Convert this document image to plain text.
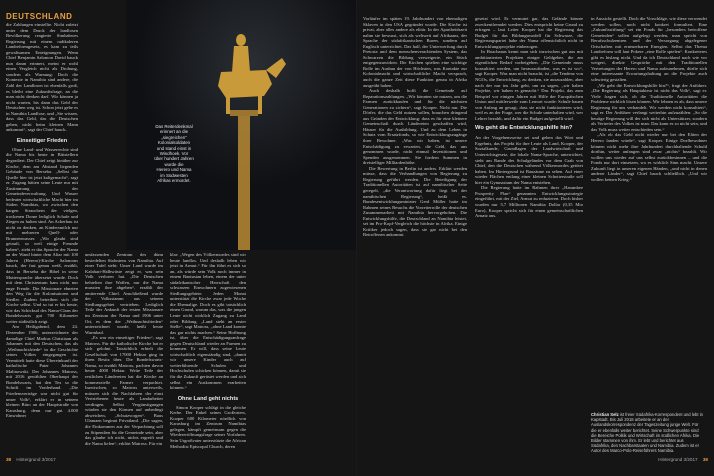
DEUTSCHLAND
Das Reiterdenkmal
erinnert an die
„siegreichen“
Kolonialsoldaten
und stand einst in
Windhoek. Vor
über hundert Jahren
wurde die
Herero und Nama
im Südwesten
Afrikas ermordet.

die Zahlungen einstellte. Nicht zuletzt unter dem Druck der landlosen Bevölkerung reagierte Simbabwes Regierung mit einem radikaleren Landreformgesetz, es kam zu teils gewaltsamen Enteignungen. Wenn Chief Benjamin Salomon David bauck nun daran erinnert, meint er wohl einen Vergleich nicht als Drohung, sondern als Warnung: Doch die Kontexte in Namibia sind andere, die Zahl der Landlosen ist ebenfalls groß, es bleibt eine Zukunftsfrage, an die man nicht denken darf. Wir können ja nicht warten, bis dann das Geld der Deutschen weg ist. Schon jetzt gebe es in Namibia Landlose, und „Sie wissen, dass das Geld, das die Deutschen geben, nicht beim kleinen Mann ankommt“, sagt der Chief bauck.

Einseitiger Frieden

Ohne Land- und Wasserrechte sind die Nama bis heute in Bittstellern degradiert. Der Chief zeigt hinüber zur Kirche, dem am Abstand liegenden Gebäude von Berseba. „Selbst die Quelle hier ist jetzt kaltgemacht“, sagt er. Zugang hätten seine Leute nur mit Zustimmung der Gemeindeverwaltung. Und Wasser bedeutet wirtschaftliche Macht hier im Süden Namibias, wo zwischen den kargen Strauchern der vielgen, trockenen Dorne lediglich Schafe und Ziegen zu halten sind. An Ackerbau ist nicht zu denken, an Kindersmilch nur mit mehreren Quell- oder Brunnenwasser. „Wir glaubt sind getauft, so weil einige Freunde haben“, zieht er das Spruche der Nama an der Wand hinter dem Altar mit 100 Jahren (Herero)-Kirche Salomons bauck, der fast genau weiß, erzählt, dass in Berseba die Bibel in seine Muttersprache übersetzt wurde. Doch mit dem Christentum kam nicht nur enge Freude. Die Missionare ebneten den Weg für die Kolonisatoren und Siedler. Zudem betreiben sich die Kirche selbst. Und so tut er bis heute, wie das Schicksal des Nama-Clans der Bondelswarts gut 700 Kilometer weiter südöstlich zeigt.

Am Heiligabend, dem 24. Dezember 1906, unterzeichnete der damalige Chief Markus Christiaan als Johannes mit den Deutschen, das als „Weihnachtsfriede“ in die Geschichte seines Volkes eingegangen ist. Vermittelt hatte diese Übereinkunft der katholische Pater Johannes Malinowski. Der Johannes Matross, mit 2016 gewählten Oberhaupt der Bondelswarts, hat den Tex so die Schrift im Vorderhand. „Die Friedensverträge war nicht gut für unser Volk“, erklärt er in seinem kleinen Büro an der Hauptstraße von Karasburg, denn nur gut 4.000 Einwohner

umfassenden Zentrum des dünn besiedelten Südostens von Namibia. Auf einer Tafel steht: Unser Land wurde im Kalahari-Halbwüste zeigt er, was sein Volk verloren hat. „Die Deutschen behielten ihre Waffen, nur die Nama mussten ihre abgeben“, erzählt der amtierende Chief. Anschließend wurde der Volksstamm aus seinem Siedlungsgebiet vertrieben. Lediglich Teile der Ankunft der ersten Missionare im Zentrum der Nama und 1906 unter Ort, es dem der „Weihnachtsfrieden“ unterzeichnet wurde, heißt heute Warmbad.

„Es war ein einseitiger Frieden“, sagt Matross. Für die katholische Kirche hat er sich gelohnt. Tatsächlich erhielt die Gesellschaft von 17000 Hektar ging in ihren Besitz über. Die Bondelswarts-Nama, so erzählt Matross, pachten davon heute 4000 Hektar. Weite Teile der restlichen Ländereien hat die Kirche an kommerzielle Farmer verpachtet. Inzwischen, so Matross unterweils, müssen sich die Nachfahren der einst Vertriebenen heute als Landarbeiter verdingen. Selbst Vergünstigungen würden sie den Kirmen auf unbedingt abweichen, „Schutzvorgen“. Baus Ulamaen beginnt Privatland. „Die sagen, die Einkommen aus der Verpachtung soll zu Stipendien für die Gemeinde sein, aber das glaube ich nicht, nichts ergreift und die Nama liefen“, erklärt Matross. Für ein

klar: „Wegen des Völkermordes sind wir heute landlos. Und deshalb leben wir jetzt in Armut.“ Für ihn führt es sich so an, als würde sein Volk noch immer in einem Bantustan leben, einem der unter südafrikanischer Herrschaft den schwarzen Einwohnern zugewiesenen Siedlungsgebiete. Jeden Monat unterstützt die Kirche zwar jede Woche die Ehemalige. Doch es gibt tatsächlich einen Grund, warum das, was die jungen Leute nicht wirklich Zugang zu Land oder Bildung. „Land steht an erster Stelle“, sagt Matross, „ohne Land konnte das gar nichts machen.“ Seine Hoffnung ist, über die Entschädigungsanfrage gegen Deutschland wieder an Farmen zu kommen. Er will, dass seine Leute wirtschaftlich eigenständig sind, „damit wir unsere Kinder auch auf weiterführende Schulen und Hochschulen schicken können, damit sie für die Zukunft gerüstet werden und sich selbst ein Auskommen erarbeiten können.“

Ohne Land geht nichts

Simon Kooper schlägt in die gleiche Kerbe. Der Enkel seines Großvaters, Kooper 600 Kilometer nördlich von Karasburg im Zentrum Namibias gelegen, kämpft gemeinsam gegen die Wiedereröffnungsfrage seiner Vorfahren. Sein Urgroßvater unterstützte die African Methodist Episcopal Church, deren

38 Hintergrund 3/2017

Vorläufer im späten 19. Jahrhundert von ehemaligen Sklaven in den USA gegründet wurde. Die Kirche ist privat, aber alles andere als elitär. In der Apartheidszeit nahm sie bewusst, sich als weltweit auf Afrikaans, der Sprache der südafrikanischen Buren, sondern auf Englisch unterrichtet. Das half, der Unterwerfung durch Pretoria und dem menschenverachtenden System, das Schwarzen die Bildung verweigerte, ein Stück entgegenzuwirken. Die Kirchen spielten eine wichtige Rolle im Ausbau der von Höchsten, was Kontakte zur Kolonialmacht und wirtschaftliche Macht versprach, auch die ganze Zeit diese Funktion genau in Afrika ausgeübt haben.

Auch deshalb hofft die Gemeinde auf Reparationszahlungen. „Wir könnten sie nutzen, um die Farmen zurückkaufen und für die nächsten Generationen zu sichern“, sagt Kooper. Nicht nur. Die Dörfer, die das Geld nutzen sollen, brauchen dringend aus Gründen der Entwicklung: dass es für eine kleinere Gemeinschaft durch Ländereien geschaffen wird, Häuser für die Ausbildung. Und zu dem Leben in Schutz vom Ersatzfonds, so wie Entwicklungszugänge ihrer Bewohner. „Was wir haben, ist unsere Entschädigung zu erwarten, die Geld, das uns genommen wurde, nicht einmal Investitionen und Spenden ausgenommen. Sie fordern Summen in dreistelliger Milliardenhöhe.

Die Bewertung in Berlin ist anders. Erklärt werden müsse, dass die Verhandlungen von Regierung zu Regierung geführt werden. Die Beteiligung der Traditionellen Autoritäten ist auf namibischer Seite geregelt, „die Verantwortung dafür liegt bei der namibischen Regierung“, heißt es. Bundesentwicklungsminister Gerd Müller hatte im Rahmen seines Besuchs die Vorreiterrolle der deutschen Zusammenarbeit mit Namibia hervorgehoben. Die Entwicklungshilfe, die Deutschland an Namibia leistet, sei im Pro-Kopf-Vergleich die höchste in Afrika. Einige Kritiker jedoch sagen, dass sie gar nicht bei den Betroffenen ankommt.

gesetzt wird. Er vermutet gar, das Gelände könnte zweckentfremdet werden. Dies entspricht keine Grund zu erfragen – laut Leiter Kooper hat die Regierung das Budget für das Bildungsmodell für Schwarze, die Regierungspartei habe der Nama offensichtlich nicht in Entwicklungsprojekte einbezogen.

In Hoachanas kennt man sich inzwischen gut aus mit ambitionierten Projekten einiger Geldgeber, die am eigentlichen Bedarf vorbeigehen. „Die Gemeinde muss konsultiert werden, um herauszufinden, was es ist wo“, sagt Kooper. Was man nicht braucht, ist „die Tendenz von NGOs, die Entwicklung, zu denken, sie auszuzahlen, aber nach der nur ins Jahr geht, um zu sagen, „wir haben Projekte, wir haben es gemacht.“ Das Projekt, das zum Beispiel vor einigen Jahren mit Hilfe der Europäischen Union und mittlerweile zum Lernort wurde: Schule bauen von Anfang an gesagt, dass sie nicht funktionieren wird, weil es an der Frage, wer die Schule unterhalten wird, wer Lehrer bezahlt, und dafür ein Budget aufgestellt wird.

Wo geht die Entwicklungshilfe hin?

An der Vorgehensweise sei und gehen das Wort und Ergebnis, das Projekt für ihre Leute als Land, Kooper, der Sozialkunde, Grundlagen der Landwirtschaft und Unterrichtsgesetz, die lokale Nama-Sprache, unterrichtet, sieht am Rande des Schulgeländes vor dem Grab von Chief, den die Deutschen während Völkermordes getötet haben. Im Hintergrund ist Bauzäune zu sehen. Auf einer wieder Flächen entlang einer kleinen Schotterstraße soll hier ein Gymnasium der Nama entstehen.

Die Regierung hatte im Rahmen ihrer „Harambee Prosperity Plan“ genannten Entwicklungsstrategie eingeführt, mit der Ziel, Armut zu reduzieren. Doch bisher wurden nur 5,7 Millionen Namibia Dollar (0,35 Mio Euro), Kooper spricht sich für einen gemeinschaftlichen Ansatz aus.

in Aussicht gestellt. Doch die Vorschläge, wie diese verwendet werden sollen, noch nicht konkret formuliert. Eine „Zukunftsstiftung“ sei ein Fonds für „besonders betroffene Gemeinden“ sollen aufgelegt werden, man spricht von Berufsschulzentren und der Versorgung abgelegener Ortschaften mit erneuerbaren Energien. Selbst das Thema Landreform will laut Pokere „eine Rolle spielen“. Konkreteres gibt es bislang nicht. Und da ich Deutschland nach wie vor weigert, direkte Gespräche mit den Traditionellen Vertretungen der Herero und Nama aufzunehmen, dürfte sich eine interessante Erwartungshaltung an die Projekte auch schwierig gestalten.

„Wo geht die Entwicklungshilfe hin?“, fragt der Anführer. „Die Regierung als Hauptakteur ist nicht das Volk“, sagt er. Viele fragen sich, ob die Traditionelle Autoritäten die Probleme wirklich lösen können. Wir lehnen es ab, dass unsere Regierung für uns verhandelt. Wir werden nicht konsultiert“, sagt er. Der Anführer verlangt weiterhin aufzuzählen: „So die heutige Regierung will der sich nicht als Unterstützer, sondern als Vertreter des Volkes ist man. Das kann es so nicht sein, und das Volk muss weiter entschieden sein.“

„Als ob das Geld nicht wieder nur bei den Eliten der Herero landen würde“, sagt Kooper. Einige Dorfbewohner können nicht mehr ihre Jahrhundert durchhaltende Schuld dorthin, weiter anfangen sind zwar „nichts“ bezahlt. Wir wollen uns wieder auf uns selbst zurückbesinnen – und die Fonds nur dort einsetzen, wo es wirklich Sinn macht. Unsere Zukunft liegt in unseren eigenen Händen, „und nicht in denen anderer Länder“, sagt Chief bauck schließlich. „Und wir wollen keinen Krieg.“

Christian Selz ist freier Südafrika-Korrespondent und lebt in Kapstadt. Bis Juli 2018 arbeitete er an der Auslandskorrespondenz der Tageszeitung junge Welt. Für die er ebenfalls weiter berichtet. Seine Schwerpunkte sind die Bereiche Politik und Wirtschaft im südlichen Afrika. Die Bilder stammen von ihm. Er lebt und berichtet aus Südafrika, den Nachbarstaaten und Namibia. Zudem ist er Autor des Marco-Polo-Reiseführers Namibia.
Hintergrund 3/2017 39
